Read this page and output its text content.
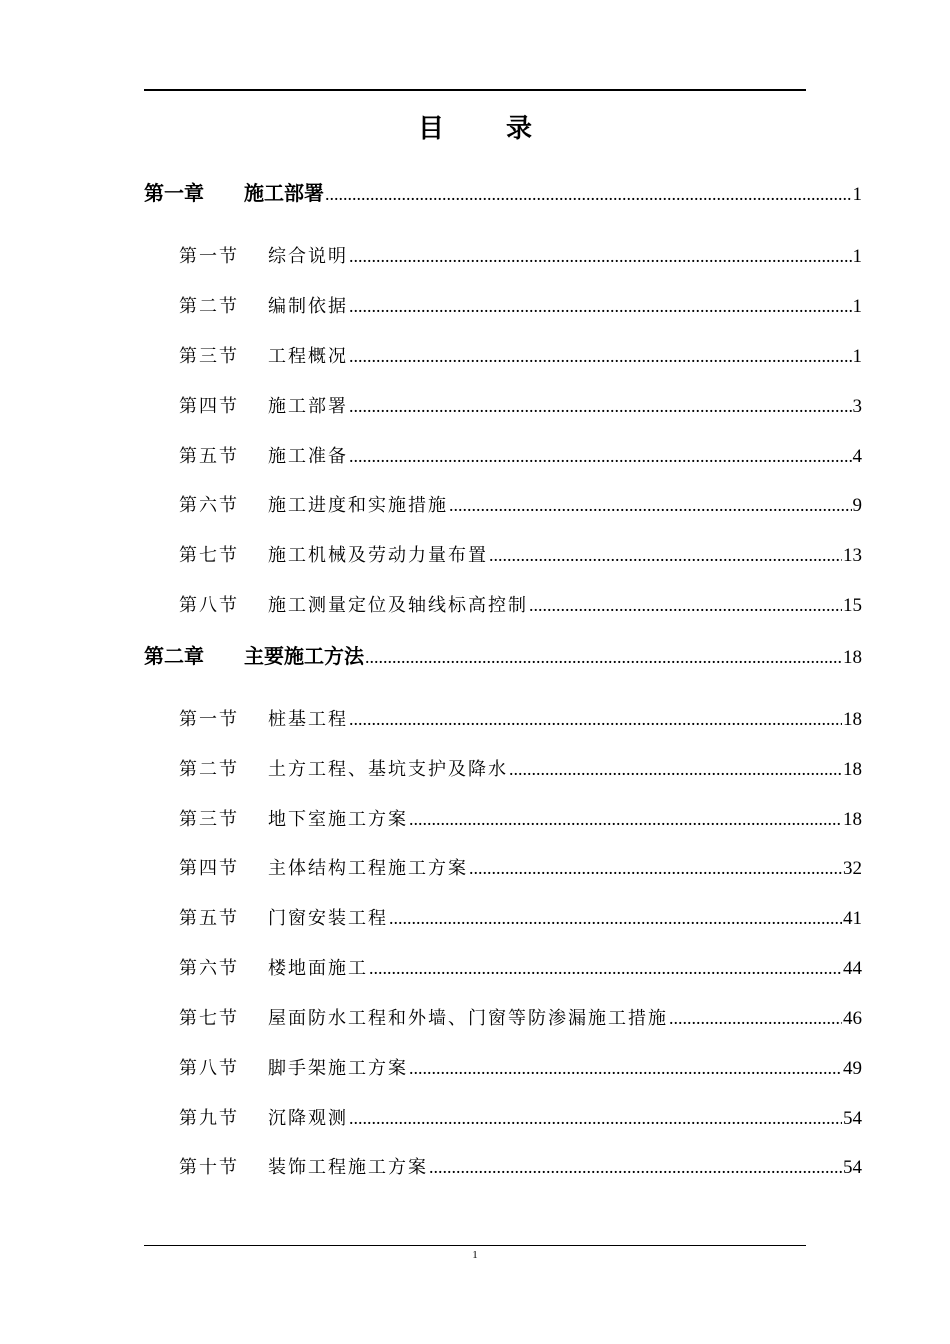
目录
第一章	施工部署 .....	1
第一节	综合说明 .....	1
第二节	编制依据 .....	1
第三节	工程概况 .....	1
第四节	施工部署 .....	3
第五节	施工准备 .....	4
第六节	施工进度和实施措施 .....	9
第七节	施工机械及劳动力量布置 .....	13
第八节	施工测量定位及轴线标高控制 .....	15
第二章	主要施工方法 .....	18
第一节	桩基工程 .....	18
第二节	土方工程、基坑支护及降水 .....	18
第三节	地下室施工方案 .....	18
第四节	主体结构工程施工方案 .....	32
第五节	门窗安装工程 .....	41
第六节	楼地面施工 .....	44
第七节	屋面防水工程和外墙、门窗等防渗漏施工措施 .....	46
第八节	脚手架施工方案 .....	49
第九节	沉降观测 .....	54
第十节	装饰工程施工方案 .....	54
1
